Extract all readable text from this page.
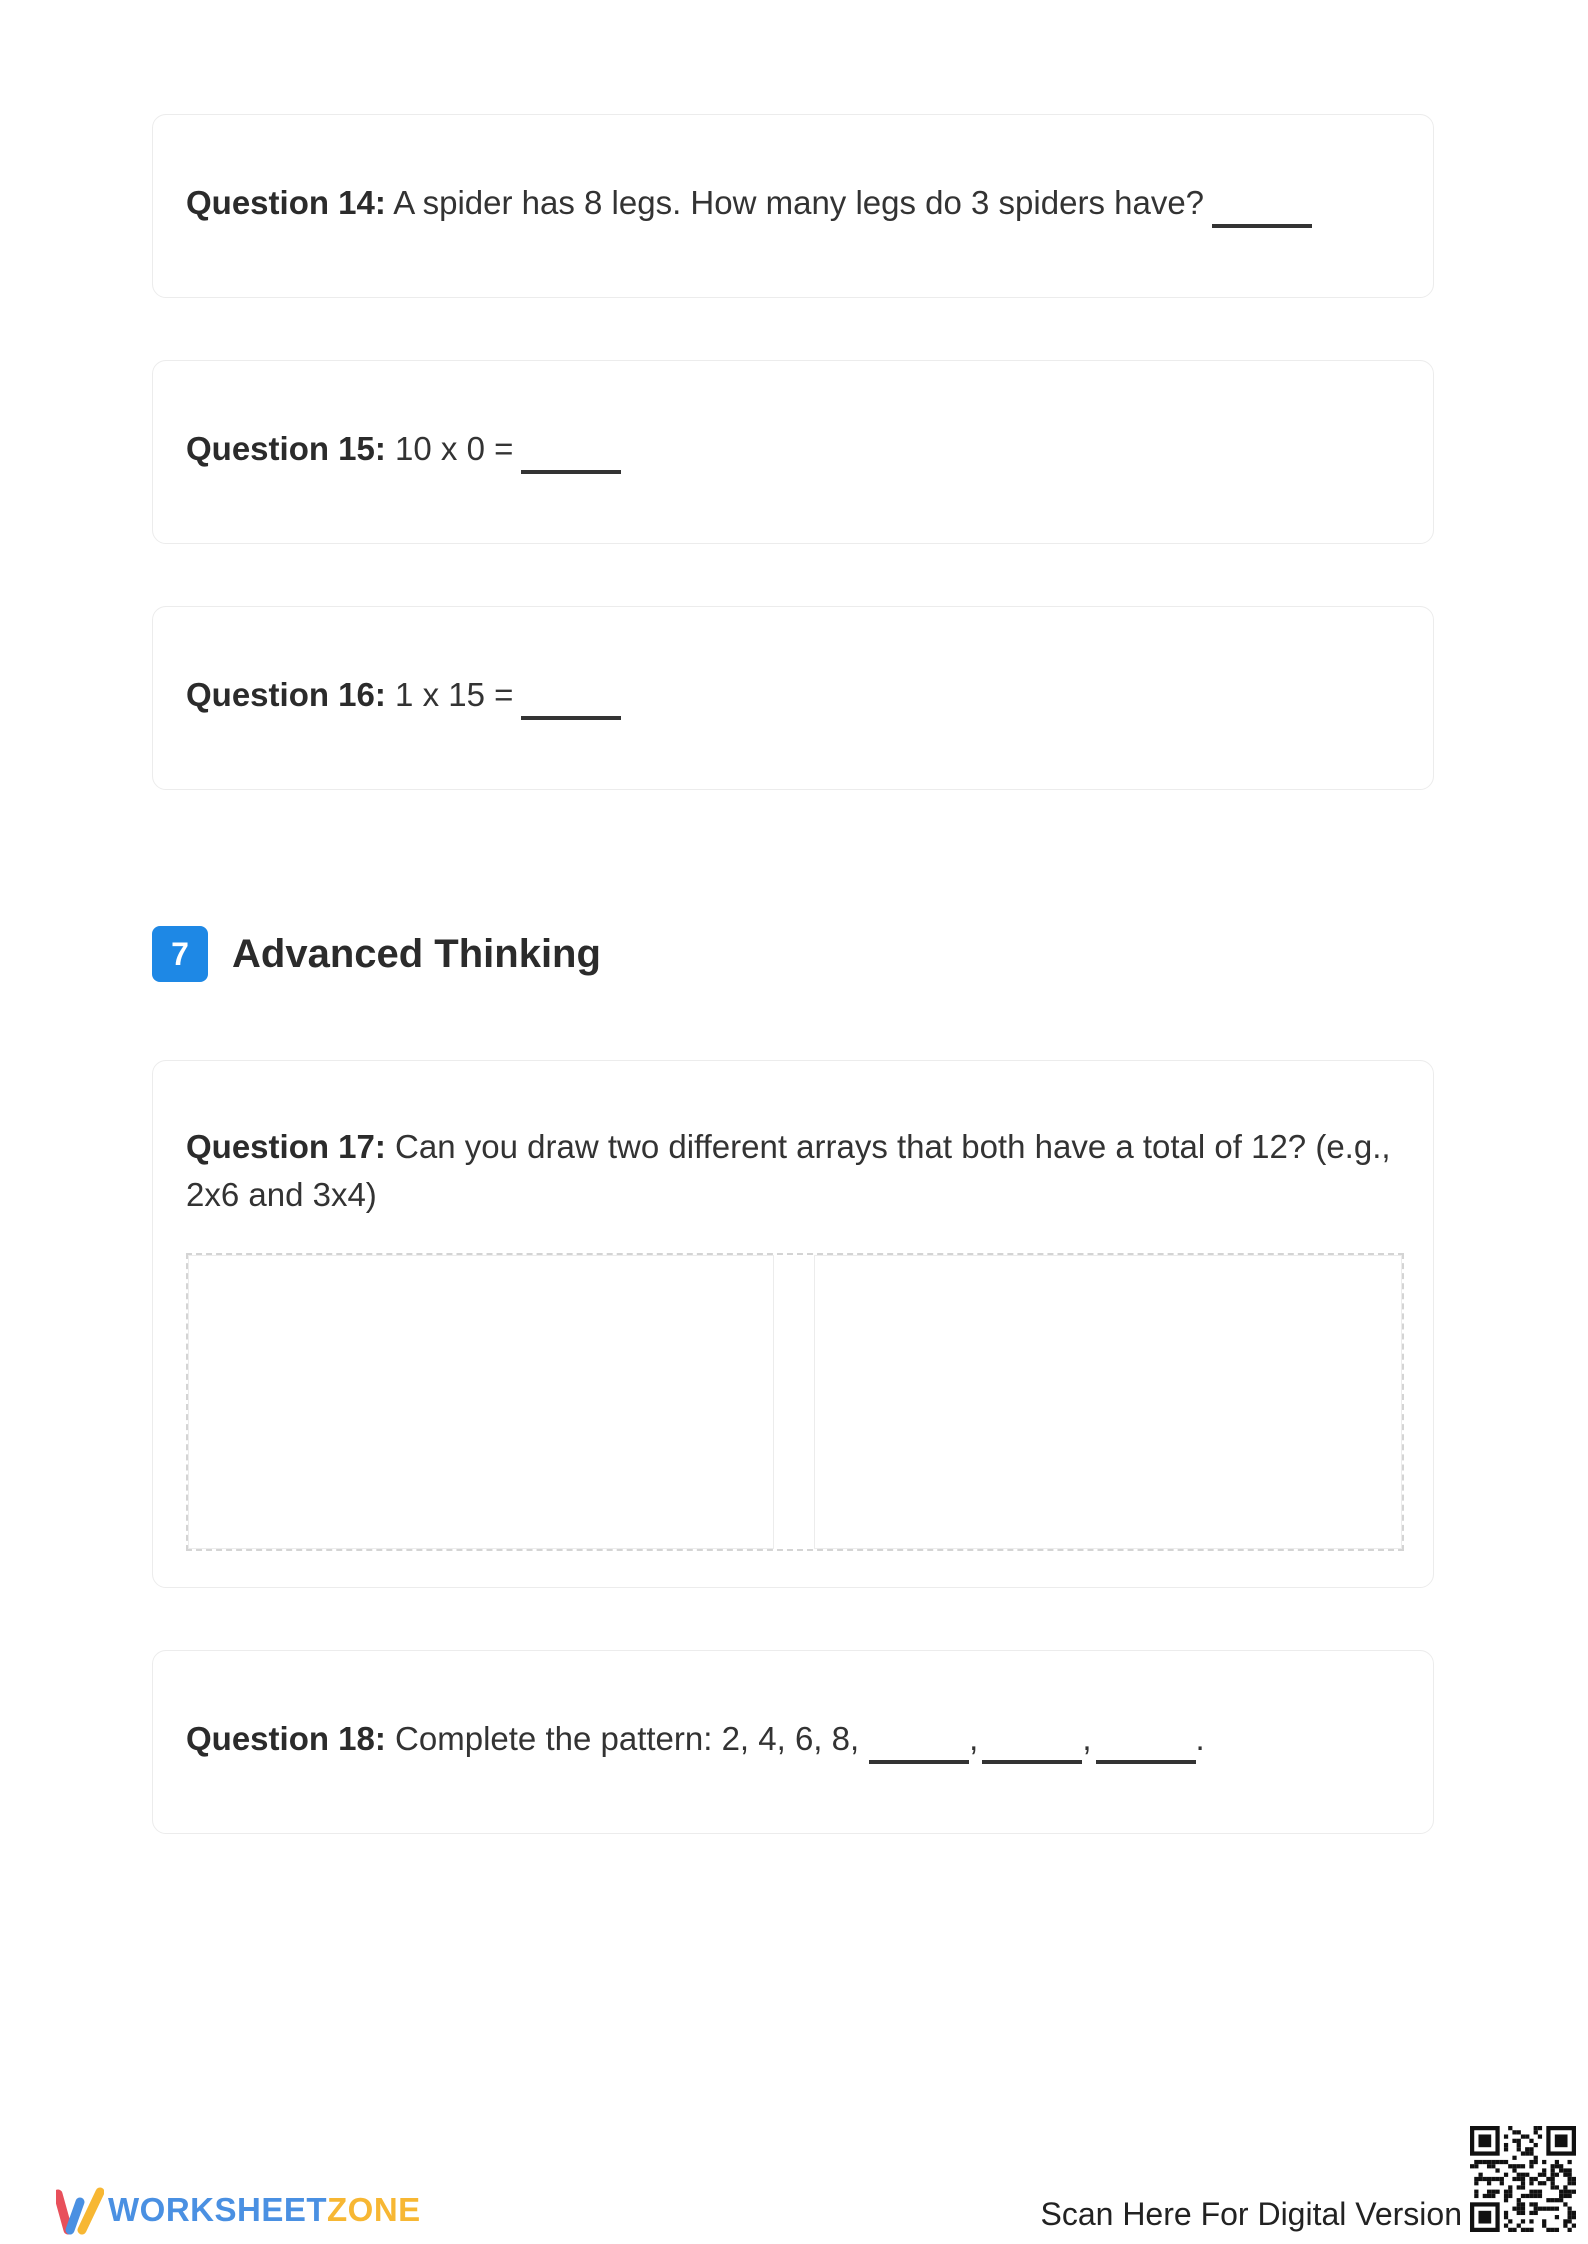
Question 14: A spider has 8 legs. How many legs do 3 spiders have?
Question 15: 10 x 0 =
Question 16: 1 x 15 =
7	Advanced Thinking
Question 17: Can you draw two different arrays that both have a total of 12? (e.g., 2x6 and 3x4)
Question 18: Complete the pattern: 2, 4, 6, 8,	,	,	.
WORKSHEETZONE	Scan Here For Digital Version
